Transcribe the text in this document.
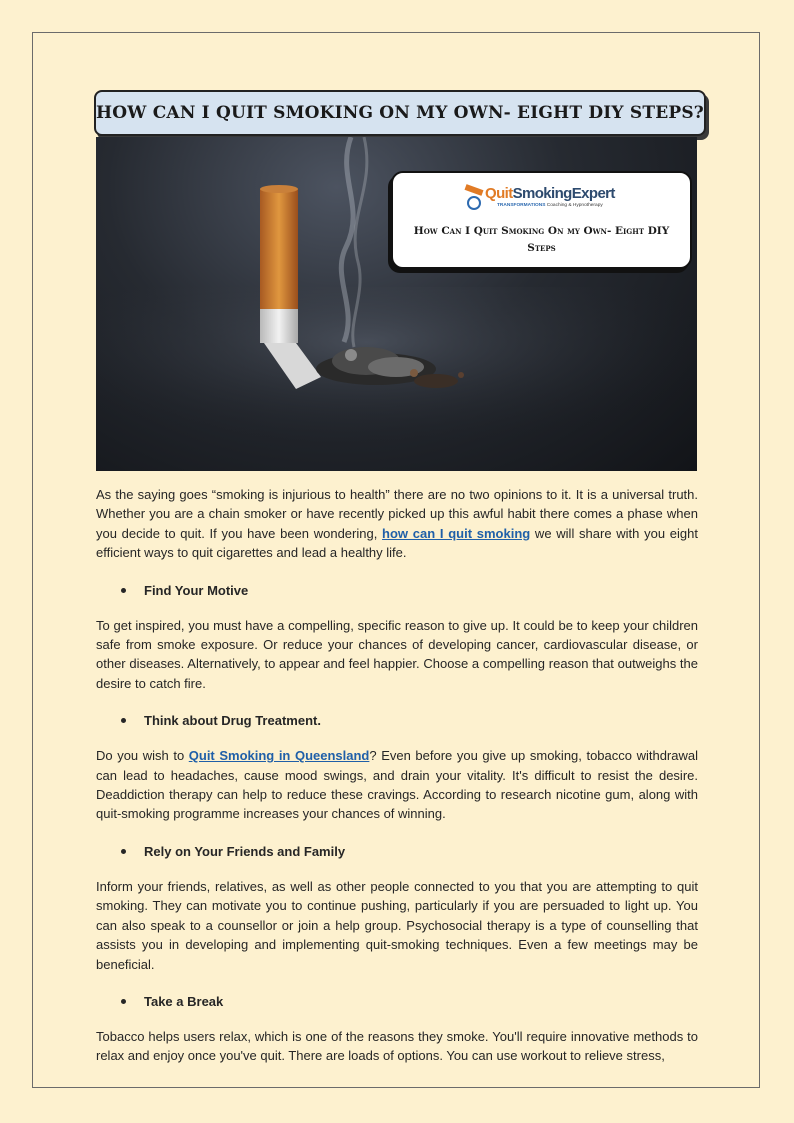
HOW CAN I QUIT SMOKING ON MY OWN- EIGHT DIY STEPS?
QuitSmokingExpert
TRANSFORMATIONS Coaching & Hypnotherapy
How Can I Quit Smoking On my Own- Eight DIY Steps

As the saying goes “smoking is injurious to health” there are no two opinions to it. It is a universal truth. Whether you are a chain smoker or have recently picked up this awful habit there comes a phase when you decide to quit. If you have been wondering, how can I quit smoking we will share with you eight efficient ways to quit cigarettes and lead a healthy life.

Find Your Motive

To get inspired, you must have a compelling, specific reason to give up. It could be to keep your children safe from smoke exposure. Or reduce your chances of developing cancer, cardiovascular disease, or other diseases. Alternatively, to appear and feel happier. Choose a compelling reason that outweighs the desire to catch fire.

Think about Drug Treatment.

Do you wish to Quit Smoking in Queensland? Even before you give up smoking, tobacco withdrawal can lead to headaches, cause mood swings, and drain your vitality. It's difficult to resist the desire. Deaddiction therapy can help to reduce these cravings. According to research nicotine gum, along with quit-smoking programme increases your chances of winning.

Rely on Your Friends and Family

Inform your friends, relatives, as well as other people connected to you that you are attempting to quit smoking. They can motivate you to continue pushing, particularly if you are persuaded to light up. You can also speak to a counsellor or join a help group. Psychosocial therapy is a type of counselling that assists you in developing and implementing quit-smoking techniques. Even a few meetings may be beneficial.

Take a Break

Tobacco helps users relax, which is one of the reasons they smoke. You'll require innovative methods to relax and enjoy once you've quit. There are loads of options. You can use workout to relieve stress,
